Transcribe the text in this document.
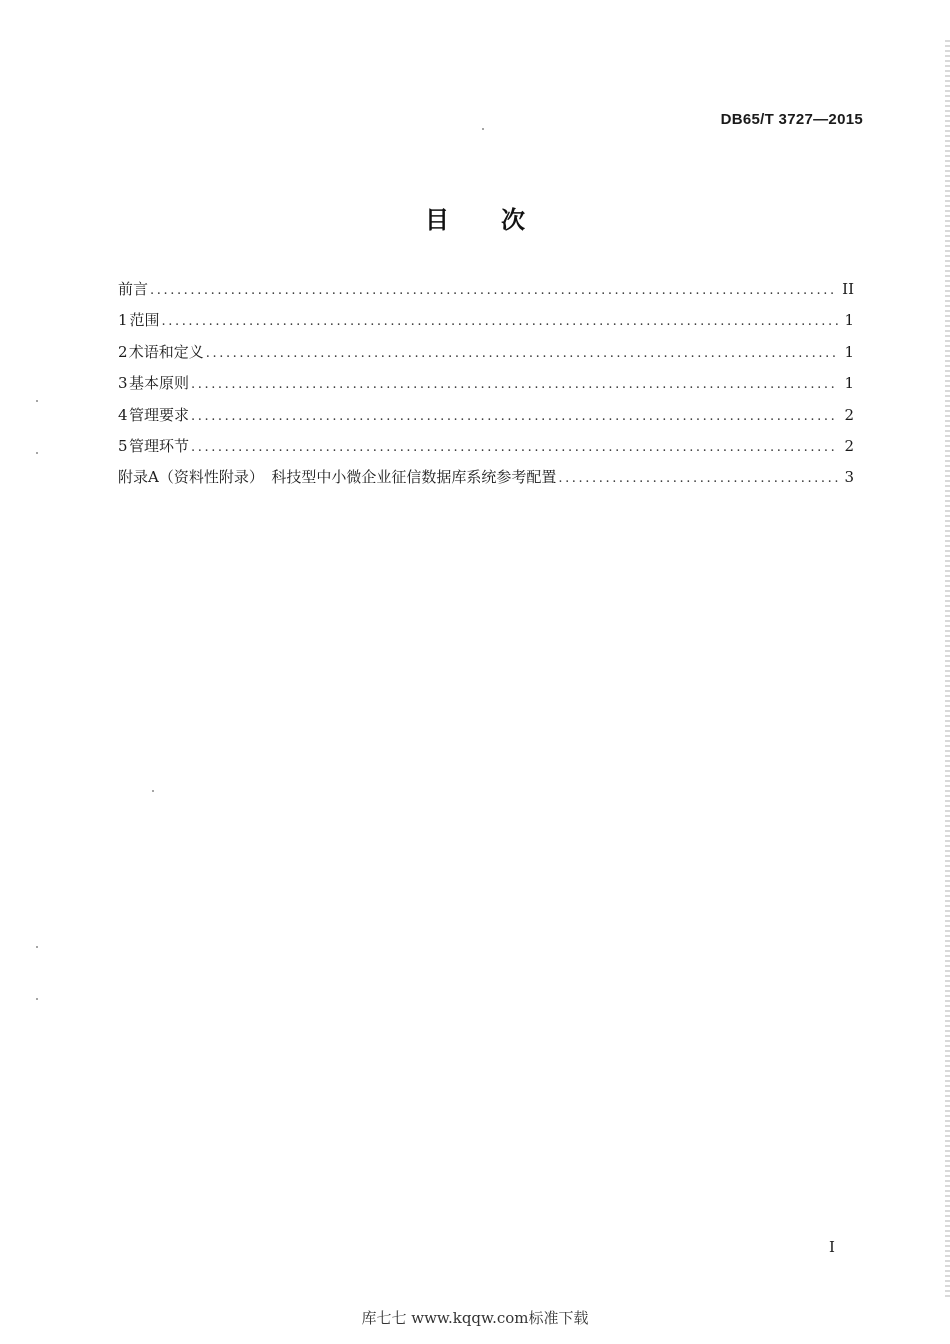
DB65/T 3727—2015
目次
前言 .....	II
1 范围 .....	1
2 术语和定义 .....	1
3 基本原则 .....	1
4 管理要求 .....	2
5 管理环节 .....	2
附录A（资料性附录）　科技型中小微企业征信数据库系统参考配置 .....	3
I
库七七 www.kqqw.com标准下载
